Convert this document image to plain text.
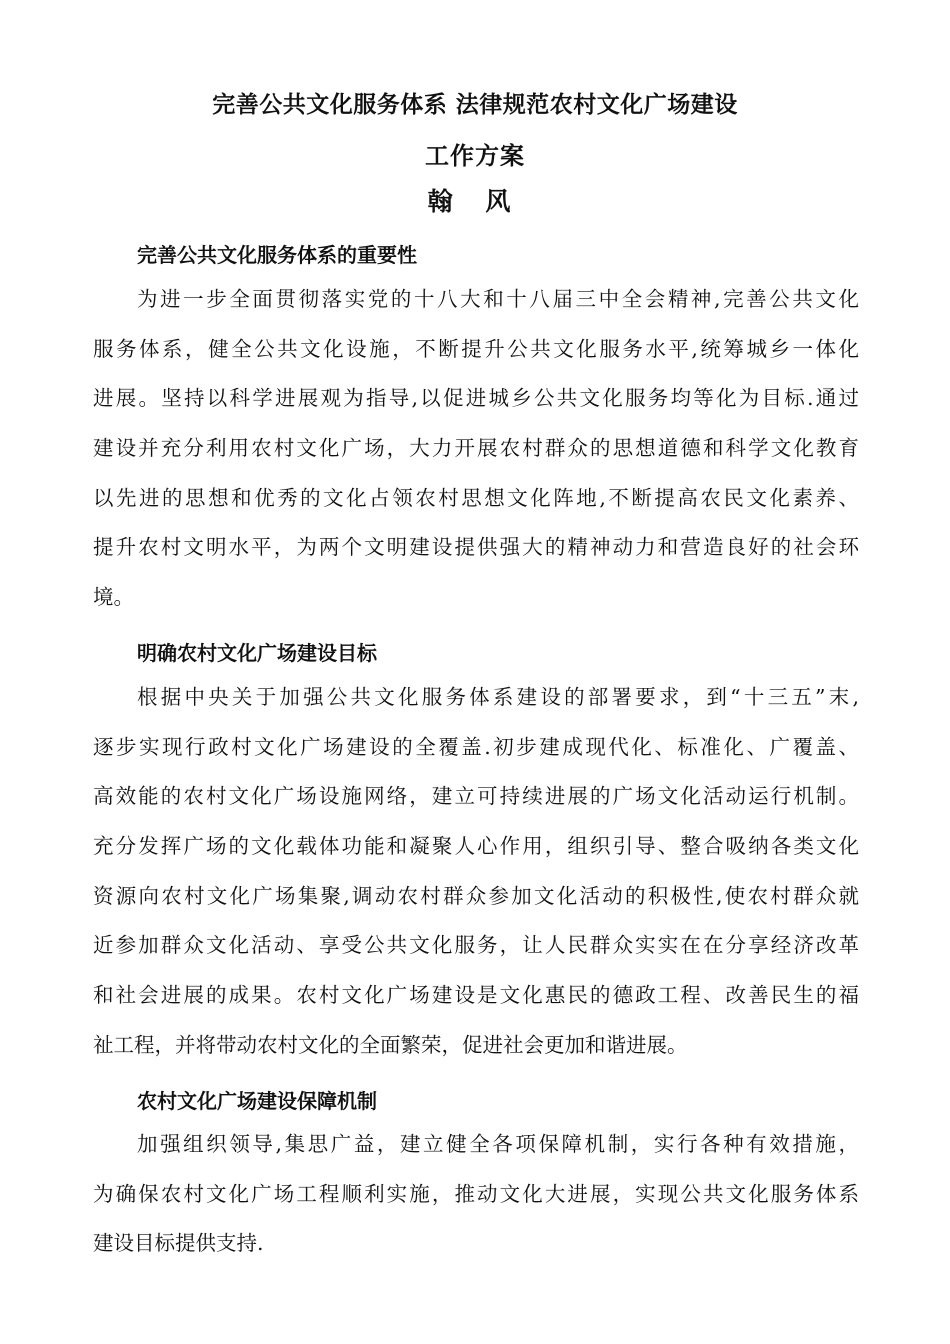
完善公共文化服务体系 法律规范农村文化广场建设
工作方案
翰 风
完善公共文化服务体系的重要性
为进一步全面贯彻落实党的十八大和十八届三中全会精神,完善公共文化
服务体系，健全公共文化设施，不断提升公共文化服务水平,统筹城乡一体化
进展。坚持以科学进展观为指导,以促进城乡公共文化服务均等化为目标.通过
建设并充分利用农村文化广场，大力开展农村群众的思想道德和科学文化教育
以先进的思想和优秀的文化占领农村思想文化阵地,不断提高农民文化素养、
提升农村文明水平，为两个文明建设提供强大的精神动力和营造良好的社会环
境。
明确农村文化广场建设目标
根据中央关于加强公共文化服务体系建设的部署要求，到“十三五”末,
逐步实现行政村文化广场建设的全覆盖.初步建成现代化、标准化、广覆盖、
高效能的农村文化广场设施网络，建立可持续进展的广场文化活动运行机制。
充分发挥广场的文化载体功能和凝聚人心作用，组织引导、整合吸纳各类文化
资源向农村文化广场集聚,调动农村群众参加文化活动的积极性,使农村群众就
近参加群众文化活动、享受公共文化服务，让人民群众实实在在分享经济改革
和社会进展的成果。农村文化广场建设是文化惠民的德政工程、改善民生的福
祉工程，并将带动农村文化的全面繁荣，促进社会更加和谐进展。
农村文化广场建设保障机制
加强组织领导,集思广益，建立健全各项保障机制，实行各种有效措施，
为确保农村文化广场工程顺利实施，推动文化大进展，实现公共文化服务体系
建设目标提供支持.
